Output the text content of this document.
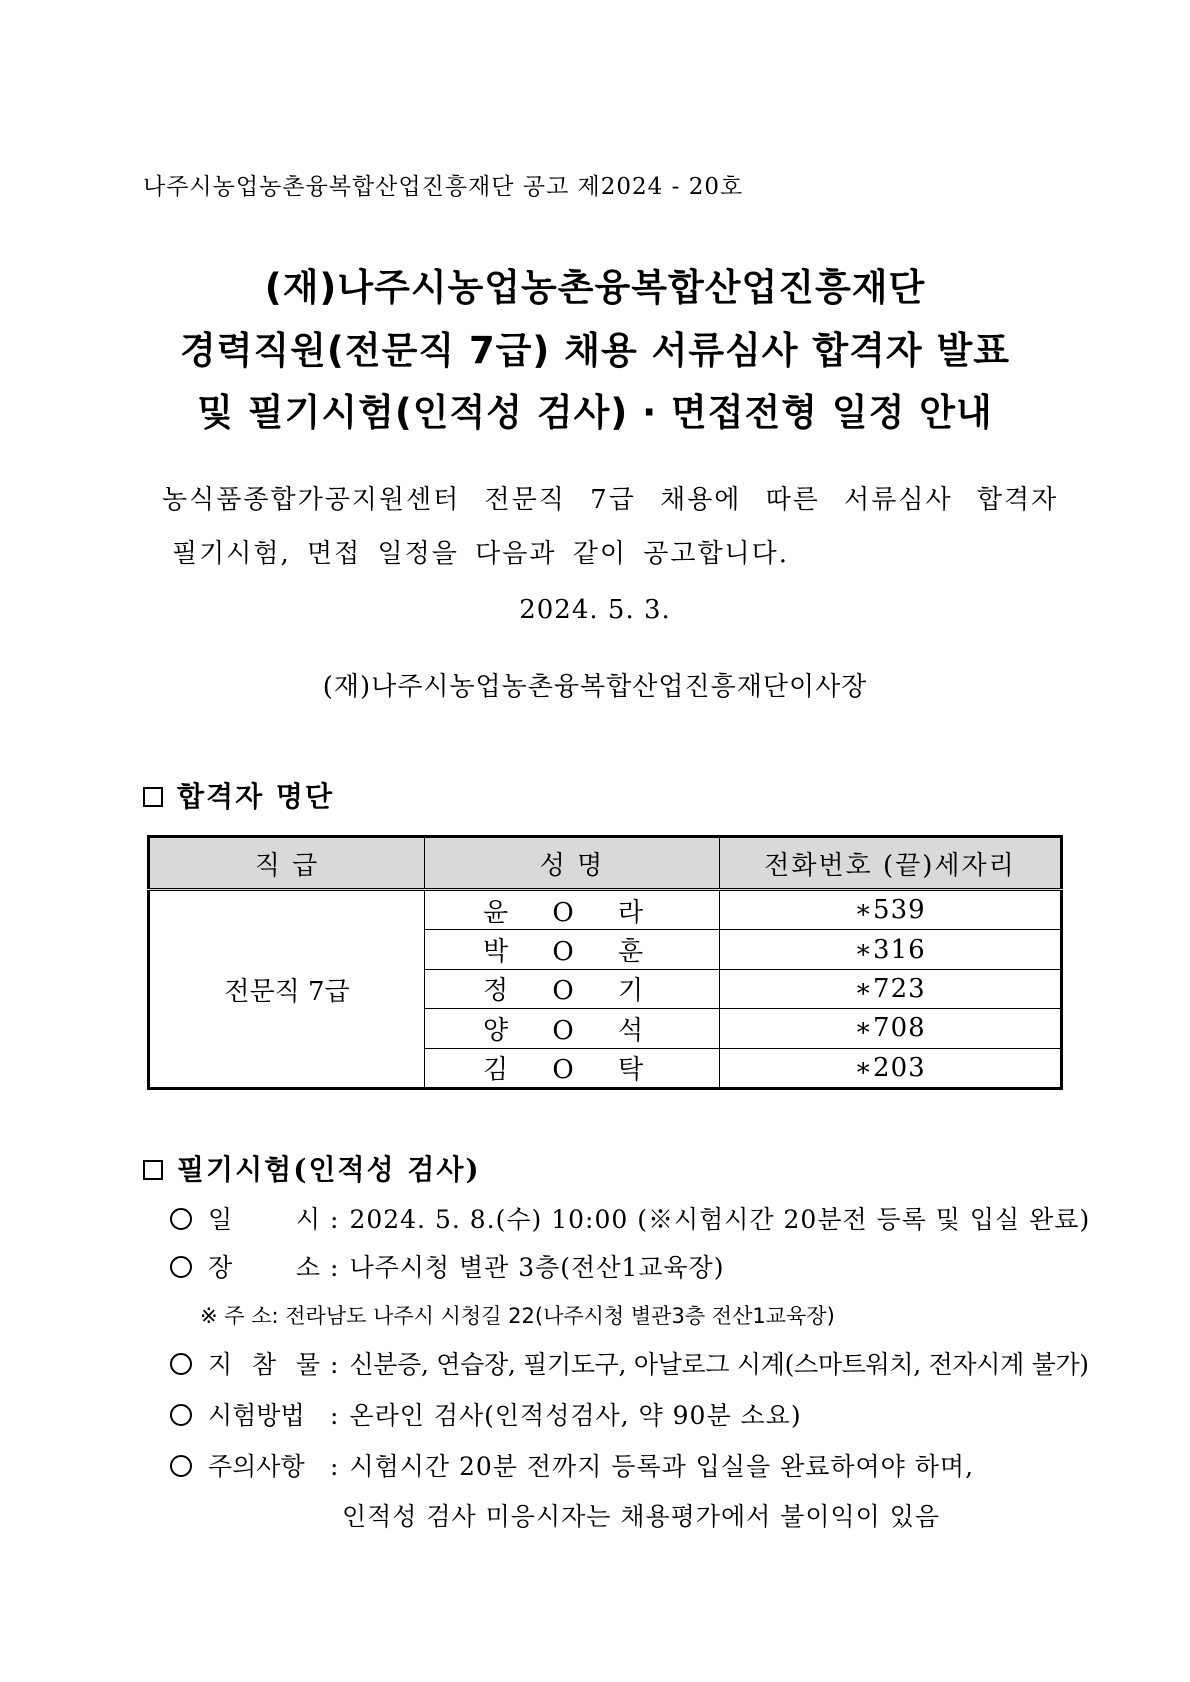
나주시농업농촌융복합산업진흥재단 공고 제2024 - 20호
(재)나주시농업농촌융복합산업진흥재단
경력직원(전문직 7급) 채용 서류심사 합격자 발표
및 필기시험(인적성 검사) · 면접전형 일정 안내
농식품종합가공지원센터 전문직 7급 채용에 따른 서류심사 합격자
필기시험, 면접 일정을 다음과 같이 공고합니다.
2024. 5. 3.
(재)나주시농업농촌융복합산업진흥재단이사장
합격자 명단
직 급	성 명	전화번호 (끝)세자리
전문직 7급	윤 O 라	∗539
	박 O 훈	∗316
	정 O 기	∗723
	양 O 석	∗708
	김 O 탁	∗203
필기시험(인적성 검사)
일 시 : 2024. 5. 8.(수) 10:00 (※시험시간 20분전 등록 및 입실 완료)
장 소 : 나주시청 별관 3층(전산1교육장)
※ 주 소: 전라남도 나주시 시청길 22(나주시청 별관3층 전산1교육장)
지 참 물 : 신분증, 연습장, 필기도구, 아날로그 시계(스마트워치, 전자시계 불가)
시험방법 : 온라인 검사(인적성검사, 약 90분 소요)
주의사항 : 시험시간 20분 전까지 등록과 입실을 완료하여야 하며,
인적성 검사 미응시자는 채용평가에서 불이익이 있음
